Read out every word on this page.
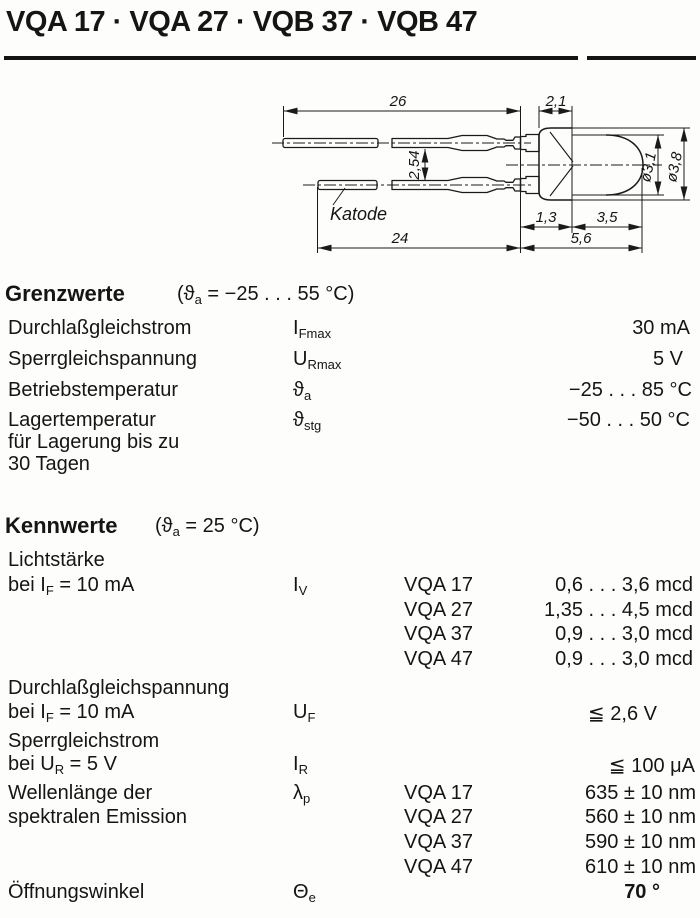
VQA 17 · VQA 27 · VQB 37 · VQB 47
26	2,1
2,54
24	5,6
1,3	3,5
ø3,1 ø3,8
Katode
Grenzwerte	($ϑ_a = -25$ . . . 55 °C)
Durchlaßgleichstrom	$I_{Fmax}$	30 mA
Sperrgleichspannung	$U_{Rmax}$	5 V
Betriebstemperatur	$ϑ_a$	−25 . . . 85 °C
Lagertemperatur	$ϑ_{stg}$	−50 . . . 50 °C
für Lagerung bis zu
30 Tagen
Kennwerte ($ϑ_a = 25$ °C)
Lichtstärke
bei $I_F = 10$ mA	$I_V$	VQA 17	0,6 . . . 3,6 mcd
VQA 27	1,35 . . . 4,5 mcd
VQA 37	0,9 . . . 3,0 mcd
VQA 47	0,9 . . . 3,0 mcd
Durchlaßgleichspannung
bei $I_F = 10$ mA	$U_F$	≦ 2,6 V
Sperrgleichstrom
bei $U_R = 5$ V	$I_R$	≦ 100 μA
Wellenlänge der	$\lambda_p$	VQA 17	635 ± 10 nm
spektralen Emission	VQA 27	560 ± 10 nm
VQA 37	590 ± 10 nm
VQA 47	610 ± 10 nm
Öffnungswinkel	$\Theta_e$	70 °
